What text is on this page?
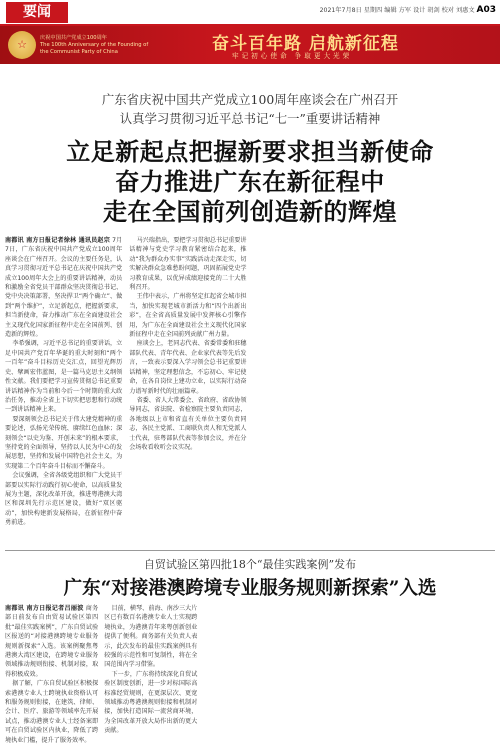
要闻	2021年7月8日 星期四 编辑 方军 设计 胡剑 校对 刘惠文 A03
☆	庆祝中国共产党成立100周年
The 100th Anniversary of the Founding of
the Communist Party of China	奋斗百年路 启航新征程
牢记初心使命 争取更大光荣
广东省庆祝中国共产党成立100周年座谈会在广州召开
认真学习贯彻习近平总书记“七一”重要讲话精神
立足新起点把握新要求担当新使命
奋力推进广东在新征程中
走在全国前列创造新的辉煌

南都讯 南方日报记者徐林 通讯员赵宗 7月7日，广东省庆祝中国共产党成立100周年座谈会在广州召开。会议的主要任务是，认真学习贯彻习近平总书记在庆祝中国共产党成立100周年大会上的重要讲话精神，动员和激励全省党员干部群众坚决贯彻总书记、党中央决策部署，坚决捍卫“两个确立”、做到“两个维护”，立足新起点，把握新要求，担当新使命，奋力推动广东在全面建设社会主义现代化国家新征程中走在全国前列、创造新的辉煌。

李希强调，习近平总书记的重要讲话，立足中国共产党百年华诞的重大时刻和“两个一百年”奋斗目标历史交汇点，回望光辉历史、擘画宏伟蓝图，是一篇马克思主义纲领性文献。我们要把学习宣传贯彻总书记重要讲话精神作为当前和今后一个时期的重大政治任务，推动全省上下切实把思想和行动统一到讲话精神上来。

要深刻领会总书记关于伟大建党精神的重要论述，弘扬光荣传统、赓续红色血脉；深刻领会“以史为鉴、开创未来”的根本要求，坚持党的全面领导，坚持以人民为中心的发展思想，坚持和发展中国特色社会主义，为实现第二个百年奋斗目标而不懈奋斗。

会议强调，全省各级党组织和广大党员干部要以实际行动践行初心使命，以高质量发展为主题，深化改革开放，推进粤港澳大湾区和深圳先行示范区建设，做好“双区驱动”，加快构建新发展格局，在新征程中奋勇前进。

马兴瑞指出，要把学习贯彻总书记重要讲话精神与党史学习教育紧密结合起来，推动“我为群众办实事”实践活动走深走实，切实解决群众急难愁盼问题，巩固拓展党史学习教育成果，以优异成绩迎接党的二十大胜利召开。

王伟中表示，广州将坚定扛起省会城市担当，加快实现老城市新活力和“四个出新出彩”，在全省高质量发展中发挥核心引擎作用，为广东在全面建设社会主义现代化国家新征程中走在全国前列贡献广州力量。

座谈会上，老同志代表、省委常委和驻穗部队代表、青年代表、企业家代表等先后发言，一致表示要深入学习领会总书记重要讲话精神，坚定理想信念，不忘初心、牢记使命，在各自岗位上建功立业，以实际行动奋力谱写新时代的壮丽篇章。

省委、省人大常委会、省政府、省政协领导同志，省法院、省检察院主要负责同志，各地级以上市和省直有关单位主要负责同志，各民主党派、工商联负责人和无党派人士代表，驻粤部队代表等参加会议，并在分会场收看收听会议实况。

自贸试验区第四批18个“最佳实践案例”发布
广东“对接港澳跨境专业服务规则新探索”入选

南都讯 南方日报记者吕丽波 商务部日前发布自由贸易试验区第四批“最佳实践案例”，广东自贸试验区报送的“对接港澳跨境专业服务规则新探索”入选。该案例聚焦粤港澳大湾区建设，在跨境专业服务领域推动规则衔接、机制对接，取得积极成效。

据了解，广东自贸试验区积极探索港澳专业人士跨境执业资格认可和服务规则衔接，在建筑、律师、会计、医疗、旅游等领域率先开展试点，推动港澳专业人士经备案即可在自贸试验区内执业，降低了跨境执业门槛，提升了服务效率。

目前，横琴、前海、南沙三大片区已有数百名港澳专业人士实现跨境执业，为港澳青年来粤创新创业提供了便利。商务部有关负责人表示，此次发布的最佳实践案例具有较强的示范性和可复制性，将在全国范围内学习借鉴。

下一步，广东将持续深化自贸试验区制度创新，进一步对标国际高标准经贸规则，在更深层次、更宽领域推动粤港澳规则衔接和机制对接，加快打造国际一流营商环境，为全国改革开放大局作出新的更大贡献。
